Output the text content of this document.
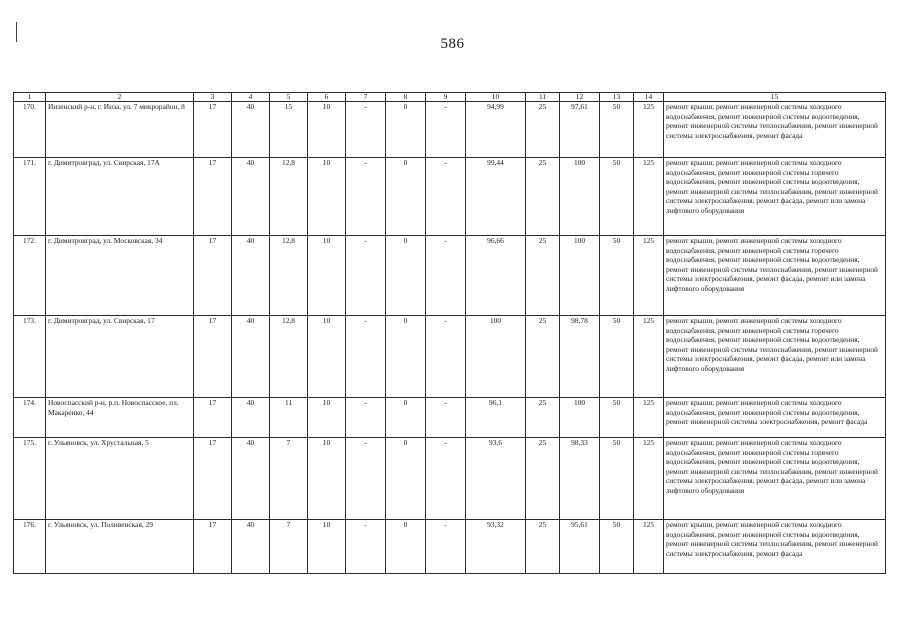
586
1	2	3	4	5	6	7	8	9	10	11	12	13	14	15
170.	Инзенский р-н, г. Инза, ул. 7 микрорайон, 8	17	40	15	10	-	0	-	94,99	25	97,61	50	125	ремонт крыши, ремонт инженерной системы холодного водоснабжения, ремонт инженерной системы водоотведения, ремонт инженерной системы теплоснабжения, ремонт инженерной системы электроснабжения, ремонт фасада
171.	г. Димитровград, ул. Свирская, 17А	17	40	12,8	10	-	0	-	99,44	25	100	50	125	ремонт крыши, ремонт инженерной системы холодного водоснабжения, ремонт инженерной системы горячего водоснабжения, ремонт инженерной системы водоотведения, ремонт инженерной системы теплоснабжения, ремонт инженерной системы электроснабжения, ремонт фасада, ремонт или замена лифтового оборудования
172.	г. Димитровград, ул. Московская, 34	17	40	12,8	10	-	0	-	96,66	25	100	50	125	ремонт крыши, ремонт инженерной системы холодного водоснабжения, ремонт инженерной системы горячего водоснабжения, ремонт инженерной системы водоотведения, ремонт инженерной системы теплоснабжения, ремонт инженерной системы электроснабжения, ремонт фасада, ремонт или замена лифтового оборудования
173.	г. Димитровград, ул. Свирская, 17	17	40	12,8	10	-	0	-	100	25	98,78	50	125	ремонт крыши, ремонт инженерной системы холодного водоснабжения, ремонт инженерной системы горячего водоснабжения, ремонт инженерной системы водоотведения, ремонт инженерной системы теплоснабжения, ремонт инженерной системы электроснабжения, ремонт фасада, ремонт или замена лифтового оборудования
174.	Новоспасский р-н, р.п. Новоспасское, пл. Макаренко, 44	17	40	11	10	-	0	-	96,1	25	100	50	125	ремонт крыши, ремонт инженерной системы холодного водоснабжения, ремонт инженерной системы водоотведения, ремонт инженерной системы электроснабжения, ремонт фасада
175.	г. Ульяновск, ул. Хрустальная, 5	17	40	7	10	-	0	-	93,6	25	98,33	50	125	ремонт крыши, ремонт инженерной системы холодного водоснабжения, ремонт инженерной системы горячего водоснабжения, ремонт инженерной системы водоотведения, ремонт инженерной системы теплоснабжения, ремонт инженерной системы электроснабжения, ремонт фасада, ремонт или замена лифтового оборудования
176.	г. Ульяновск, ул. Поливенская, 29	17	40	7	10	-	0	-	93,32	25	95,61	50	125	ремонт крыши, ремонт инженерной системы холодного водоснабжения, ремонт инженерной системы водоотведения, ремонт инженерной системы теплоснабжения, ремонт инженерной системы электроснабжения, ремонт фасада
